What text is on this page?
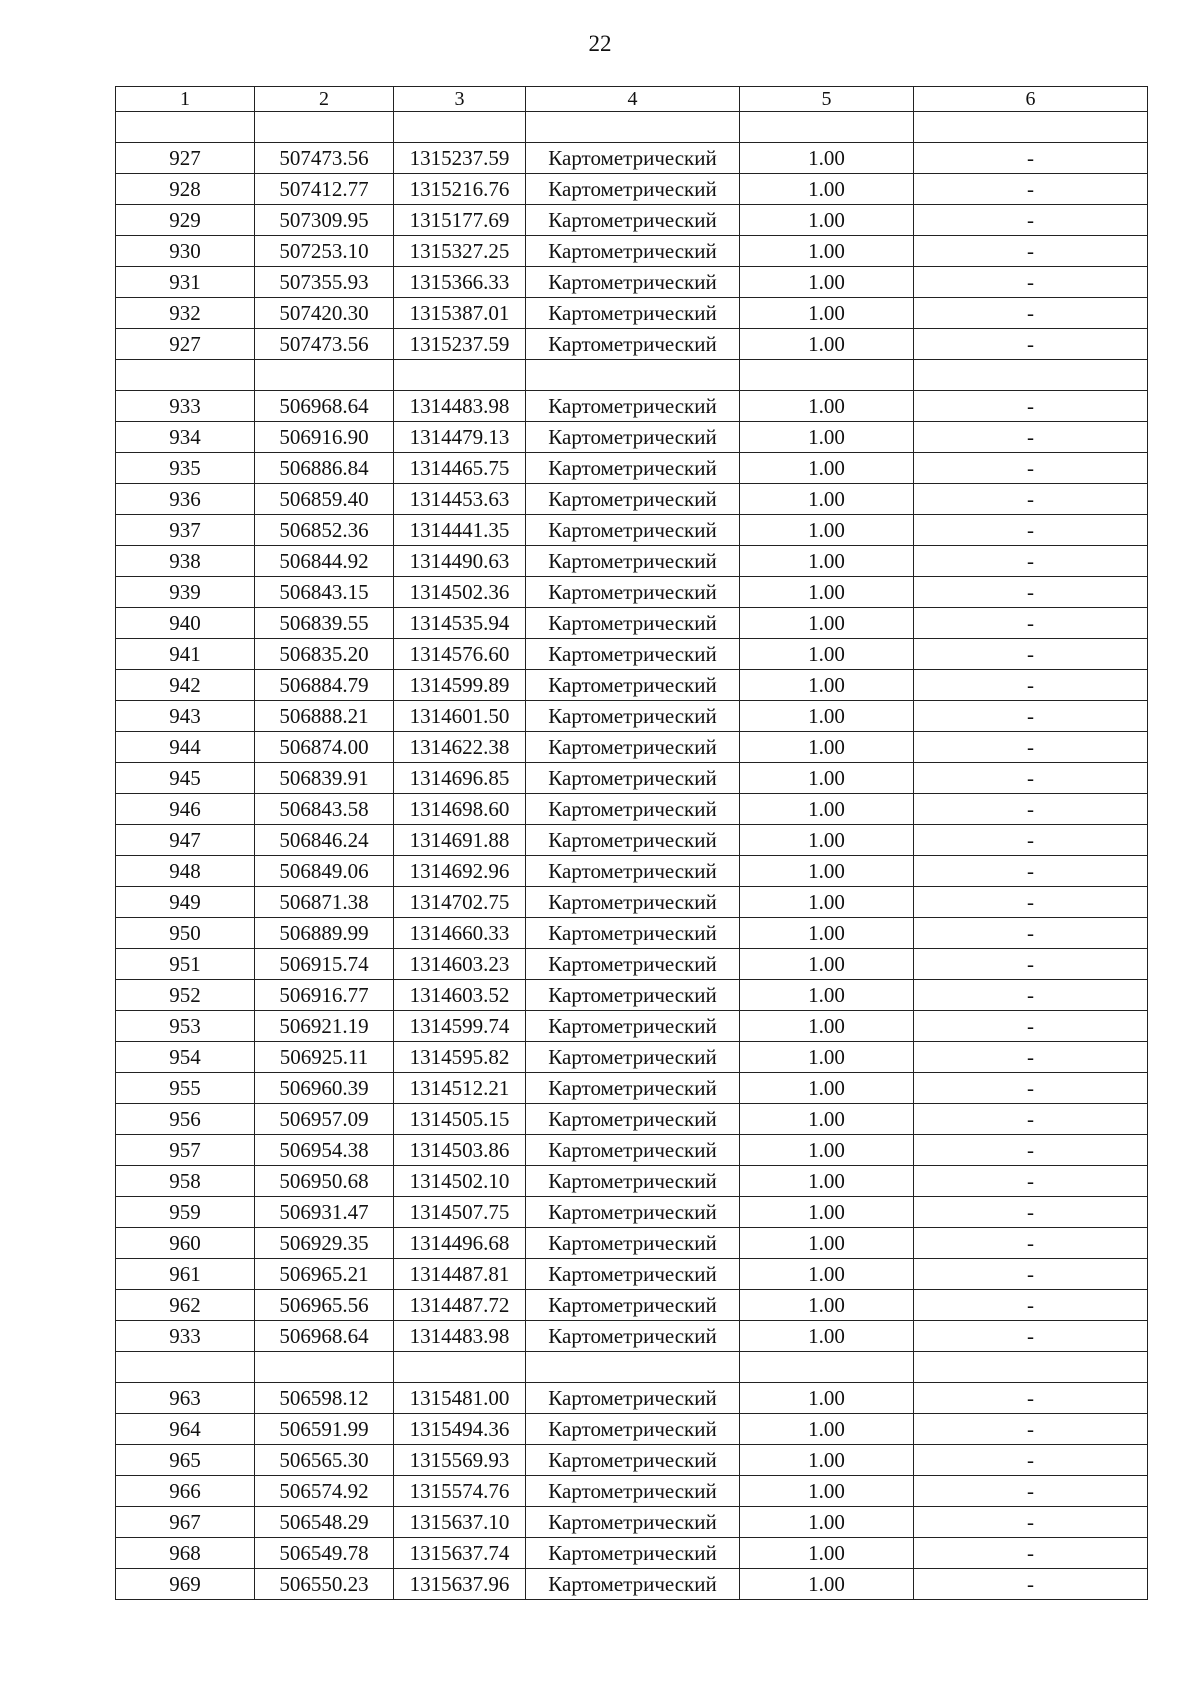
22
1	2	3	4	5	6

927	507473.56	1315237.59	Картометрический	1.00	-
928	507412.77	1315216.76	Картометрический	1.00	-
929	507309.95	1315177.69	Картометрический	1.00	-
930	507253.10	1315327.25	Картометрический	1.00	-
931	507355.93	1315366.33	Картометрический	1.00	-
932	507420.30	1315387.01	Картометрический	1.00	-
927	507473.56	1315237.59	Картометрический	1.00	-

933	506968.64	1314483.98	Картометрический	1.00	-
934	506916.90	1314479.13	Картометрический	1.00	-
935	506886.84	1314465.75	Картометрический	1.00	-
936	506859.40	1314453.63	Картометрический	1.00	-
937	506852.36	1314441.35	Картометрический	1.00	-
938	506844.92	1314490.63	Картометрический	1.00	-
939	506843.15	1314502.36	Картометрический	1.00	-
940	506839.55	1314535.94	Картометрический	1.00	-
941	506835.20	1314576.60	Картометрический	1.00	-
942	506884.79	1314599.89	Картометрический	1.00	-
943	506888.21	1314601.50	Картометрический	1.00	-
944	506874.00	1314622.38	Картометрический	1.00	-
945	506839.91	1314696.85	Картометрический	1.00	-
946	506843.58	1314698.60	Картометрический	1.00	-
947	506846.24	1314691.88	Картометрический	1.00	-
948	506849.06	1314692.96	Картометрический	1.00	-
949	506871.38	1314702.75	Картометрический	1.00	-
950	506889.99	1314660.33	Картометрический	1.00	-
951	506915.74	1314603.23	Картометрический	1.00	-
952	506916.77	1314603.52	Картометрический	1.00	-
953	506921.19	1314599.74	Картометрический	1.00	-
954	506925.11	1314595.82	Картометрический	1.00	-
955	506960.39	1314512.21	Картометрический	1.00	-
956	506957.09	1314505.15	Картометрический	1.00	-
957	506954.38	1314503.86	Картометрический	1.00	-
958	506950.68	1314502.10	Картометрический	1.00	-
959	506931.47	1314507.75	Картометрический	1.00	-
960	506929.35	1314496.68	Картометрический	1.00	-
961	506965.21	1314487.81	Картометрический	1.00	-
962	506965.56	1314487.72	Картометрический	1.00	-
933	506968.64	1314483.98	Картометрический	1.00	-

963	506598.12	1315481.00	Картометрический	1.00	-
964	506591.99	1315494.36	Картометрический	1.00	-
965	506565.30	1315569.93	Картометрический	1.00	-
966	506574.92	1315574.76	Картометрический	1.00	-
967	506548.29	1315637.10	Картометрический	1.00	-
968	506549.78	1315637.74	Картометрический	1.00	-
969	506550.23	1315637.96	Картометрический	1.00	-
